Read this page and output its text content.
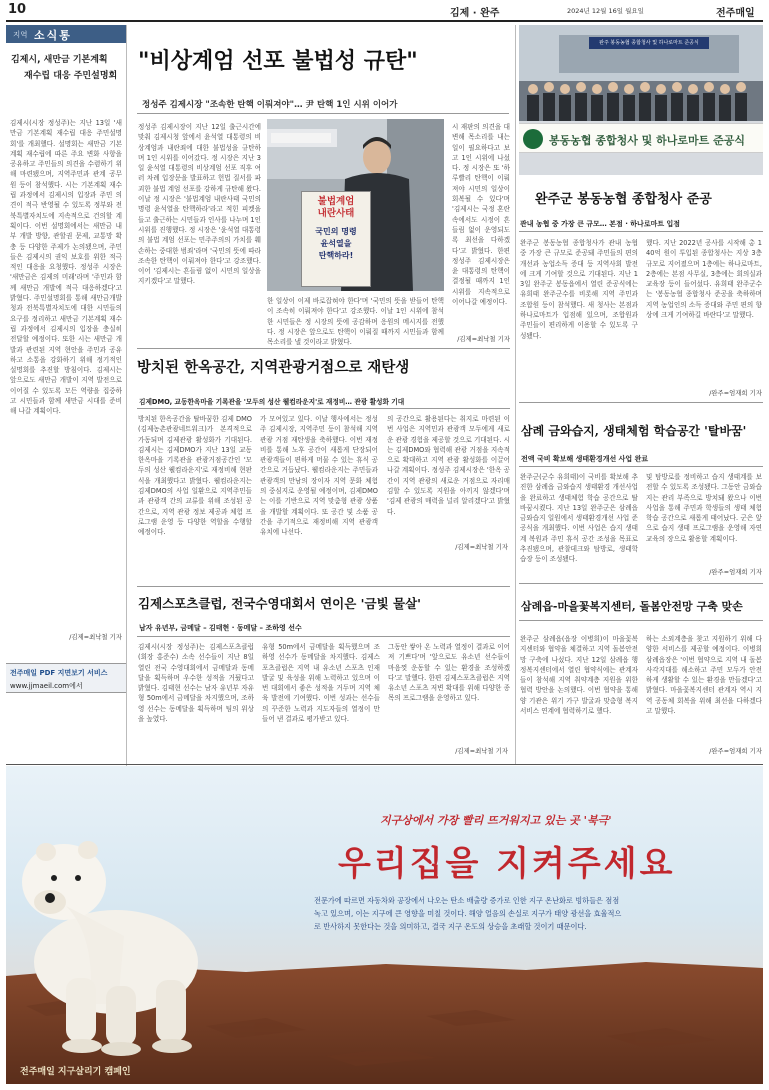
10	김제 · 완주	2024년 12월 16일 월요일	전주매일
지역 소식통
김제시, 새만금 기본계획
재수립 대응 주민설명회
김제시(시장 정성주)는 지난 13일 '새만금 기본계획 재수립 대응 주민설명회'를 개최했다. 설명회는 새만금 기본계획 재수립에 따른 주요 변화 사항을 공유하고 주민들의 의견을 수렴하기 위해 마련됐으며, 지역주민과 관계 공무원 등이 참석했다. 시는 기본계획 재수립 과정에서 김제시의 입장과 주민 의견이 적극 반영될 수 있도록 정부와 전북특별자치도에 지속적으로 건의할 계획이다. 이번 설명회에서는 새만금 내부 개발 방향, 관할권 문제, 교통망 확충 등 다양한 주제가 논의됐으며, 주민들은 김제시의 권익 보호를 위한 적극적인 대응을 요청했다. 정성주 시장은 '새만금은 김제의 미래'라며 '주민과 함께 새만금 개발에 적극 대응하겠다'고 밝혔다. 주민설명회를 통해 새만금개발청과 전북특별자치도에 대한 시민들의 요구를 정리하고 새만금 기본계획 재수립 과정에서 김제시의 입장을 충실히 전달할 예정이다. 또한 시는 새만금 개발과 관련된 지역 현안을 주민과 공유하고 소통을 강화하기 위해 정기적인 설명회를 추진할 방침이다. 김제시는 앞으로도 새만금 개발이 지역 발전으로 이어질 수 있도록 모든 역량을 집중하고 시민들과 함께 새만금 시대를 준비해 나갈 계획이다.
/김제=최낙철 기자
전주매일 PDF 지면보기 서비스
www.jjmaeil.com에서
"비상계엄 선포 불법성 규탄"
정성주 김제시장 "조속한 탄핵 이뤄져야"… 尹 탄핵 1인 시위 이어가
정성주 김제시장이 지난 12일 출근시간에 맞춰 김제시청 앞에서 윤석열 대통령의 비상계엄과 내란죄에 대한 불법성을 규탄하며 1인 시위를 이어갔다. 정 시장은 지난 3일 윤석열 대통령의 비상계엄 선포 직후 여러 차례 입장문을 발표하고 헌법 질서를 파괴한 불법 계엄 선포를 강하게 규탄해 왔다. 이날 정 시장은 '불법계엄 내란사태 국민의 명령 윤석열을 탄핵하라'라고 적힌 피켓을 들고 출근하는 시민들과 인사를 나누며 1인 시위를 진행했다. 정 시장은 '윤석열 대통령의 불법 계엄 선포는 민주주의의 가치를 훼손하는 중대한 범죄'라며 '국민의 뜻에 따라 조속한 탄핵이 이뤄져야 한다'고 강조했다. 이어 '김제시는 흔들림 없이 시민의 일상을 지키겠다'고 말했다.
불법계엄
내란사태
국민의 명령
윤석열을
탄핵하라!
한 일상이 이제 바로잡혀야 한다'며 '국민의 뜻을 받들어 탄핵이 조속히 이뤄져야 한다'고 강조했다. 이날 1인 시위에 참석한 시민들은 정 시장의 뜻에 공감하며 응원의 메시지를 전했다. 정 시장은 앞으로도 탄핵이 이뤄질 때까지 시민들과 함께 목소리를 낼 것이라고 밝혔다.
시 재판의 의견을 대변해 목소리를 내는 일이 필요하다고 보고 1인 시위에 나섰다. 정 시장은 또 '하루빨리 탄핵이 이뤄져야 시민의 일상이 회복될 수 있다'며 '김제시는 국정 혼란 속에서도 시정이 흔들림 없이 운영되도록 최선을 다하겠다'고 밝혔다. 한편 정성주 김제시장은 윤 대통령의 탄핵이 결정될 때까지 1인 시위를 지속적으로 이어나갈 예정이다.
/김제=최낙철 기자
방치된 한옥공간, 지역관광거점으로 재탄생
김제DMO, 교동한옥마을 기록관을 '모두의 성산 웰컴라운지'로 재정비… 관광 활성화 기대
방치된 한옥공간을 탈바꿈한 김제 DMO(김제농촌관광네트워크)가 본격적으로 가동되며 김제관광 활성화가 기대된다. 김제시는 김제DMO가 지난 13일 교동한옥마을 기록관을 관광거점공간인 '모두의 성산 웰컴라운지'로 재정비해 현판식을 개최했다고 밝혔다. 웰컴라운지는 김제DMO의 사업 일환으로 지역주민들과 관광객 간의 교류를 위해 조성된 공간으로, 지역 관광 정보 제공과 체험 프로그램 운영 등 다양한 역할을 수행할 예정이다.
가 모여있고 있다. 이날 행사에서는 정성주 김제시장, 지역주민 등이 참석해 지역 관광 거점 재탄생을 축하했다. 이번 재정비를 통해 노후 공간이 새롭게 단장되어 관광객들이 편하게 머물 수 있는 휴식 공간으로 거듭났다. 웰컴라운지는 주민들과 관광객의 만남의 장이자 지역 문화 체험의 중심지로 운영될 예정이며, 김제DMO는 이를 기반으로 지역 맞춤형 관광 상품을 개발할 계획이다. 또 공간 및 소품 공간을 주기적으로 재정비해 지역 관광객 유치에 나선다.
의 공간으로 활용된다는 취지로 마련된 이번 사업은 지역민과 관광객 모두에게 새로운 관광 경험을 제공할 것으로 기대된다. 시는 김제DMO와 협력해 관광 거점을 지속적으로 확대하고 지역 관광 활성화를 이끌어 나갈 계획이다. 정성주 김제시장은 '한옥 공간이 지역 관광의 새로운 거점으로 자리매김할 수 있도록 지원을 아끼지 않겠다'며 '김제 관광의 매력을 널리 알리겠다'고 밝혔다.
/김제=최낙철 기자
김제스포츠클럽, 전국수영대회서 연이은 '금빛 물살'
남자 유년부, 금메달 – 김태현 · 동메달 – 조하영 선수
김제시(시장 정성주)는 김제스포츠클럽(회장 홍준수) 소속 선수들이 지난 8일 열린 전국 수영대회에서 금메달과 동메달을 획득하며 우수한 성적을 거뒀다고 밝혔다. 김태현 선수는 남자 유년부 자유형 50m에서 금메달을 차지했으며, 조하영 선수는 동메달을 획득하며 팀의 위상을 높였다.
유형 50m에서 금메달을 획득했으며 조하영 선수가 동메달을 차지했다. 김제스포츠클럽은 지역 내 유소년 스포츠 인재 발굴 및 육성을 위해 노력하고 있으며 이번 대회에서 좋은 성적을 거두며 지역 체육 발전에 기여했다. 이번 성과는 선수들의 꾸준한 노력과 지도자들의 열정이 만들어 낸 결과로 평가받고 있다.
그동안 쌓아 온 노력과 열정이 결과로 이어져 기쁘다'며 '앞으로도 유소년 선수들이 마음껏 운동할 수 있는 환경을 조성하겠다'고 말했다. 한편 김제스포츠클럽은 지역 유소년 스포츠 저변 확대를 위해 다양한 종목의 프로그램을 운영하고 있다.
/김제=최낙철 기자
완주 봉동농협 종합청사 및 하나로마트 준공식
봉동농협 종합청사 및 하나로마트 준공식
완주군 봉동농협 종합청사 준공
관내 농협 중 가장 큰 규모… 본점 · 하나로마트 입점
완주군 봉동농협 종합청사가 관내 농협 중 가장 큰 규모로 준공돼 주민들의 편의 개선과 농업소득 증대 등 지역사회 발전에 크게 기여할 것으로 기대된다. 지난 13일 완주군 봉동읍에서 열린 준공식에는 유희태 완주군수를 비롯해 지역 주민과 조합원 등이 참석했다. 새 청사는 본점과 하나로마트가 입점해 있으며, 조합원과 주민들이 편리하게 이용할 수 있도록 구성됐다.
했다. 지난 2022년 공사를 시작해 총 140억 원이 투입된 종합청사는 지상 3층 규모로 지어졌으며 1층에는 하나로마트, 2층에는 본점 사무실, 3층에는 회의실과 교육장 등이 들어섰다. 유희태 완주군수는 '봉동농협 종합청사 준공을 축하하며 지역 농업인의 소득 증대와 주민 편의 향상에 크게 기여하길 바란다'고 말했다.
/완주=엄재희 기자
삼례 금와습지, 생태체험 학습공간 '탈바꿈'
전액 국비 확보해 생태환경개선 사업 완료
완주군(군수 유희태)이 국비를 확보해 추진한 삼례읍 금와습지 생태환경 개선사업을 완료하고 생태체험 학습 공간으로 탈바꿈시켰다. 지난 13일 완주군은 삼례읍 금와습지 일원에서 생태환경개선 사업 준공식을 개최했다. 이번 사업은 습지 생태계 복원과 주민 휴식 공간 조성을 목표로 추진됐으며, 관찰데크와 탐방로, 생태학습장 등이 조성됐다.
및 탐방로를 정비하고 습지 생태계를 보전할 수 있도록 조성됐다. 그동안 금와습지는 관리 부족으로 방치돼 왔으나 이번 사업을 통해 주민과 학생들의 생태 체험 학습 공간으로 새롭게 태어났다. 군은 앞으로 습지 생태 프로그램을 운영해 자연 교육의 장으로 활용할 계획이다.
/완주=엄재희 기자
삼례읍-마을꽃복지센터, 돌봄안전망 구축 맞손
완주군 삼례읍(읍장 이병희)이 마을꽃복지센터와 협약을 체결하고 지역 돌봄안전망 구축에 나섰다. 지난 12일 삼례읍 행정복지센터에서 열린 협약식에는 관계자들이 참석해 지역 취약계층 지원을 위한 협력 방안을 논의했다. 이번 협약을 통해 양 기관은 위기 가구 발굴과 맞춤형 복지 서비스 연계에 협력하기로 했다.
하는 소외계층을 찾고 지원하기 위해 다양한 서비스를 제공할 예정이다. 이병희 삼례읍장은 '이번 협약으로 지역 내 돌봄 사각지대를 해소하고 주민 모두가 안전하게 생활할 수 있는 환경을 만들겠다'고 밝혔다. 마을꽃복지센터 관계자 역시 지역 공동체 회복을 위해 최선을 다하겠다고 말했다.
/완주=엄재희 기자
지구상에서 가장 빨리 뜨거워지고 있는 곳 '북극'
우리집을 지켜주세요
전문가에 따르면 자동차와 공장에서 나오는 탄소 배출량 증가로 인한 지구 온난화로 빙하들은 점점
녹고 있으며, 이는 지구에 큰 영향을 미칠 것이다. 해양 얼음의 손실로 지구가 태양 광선을 효율적으
로 반사하지 못한다는 것을 의미하고, 결국 지구 온도의 상승을 초래할 것이기 때문이다.
전주매일 지구살리기 캠페인
